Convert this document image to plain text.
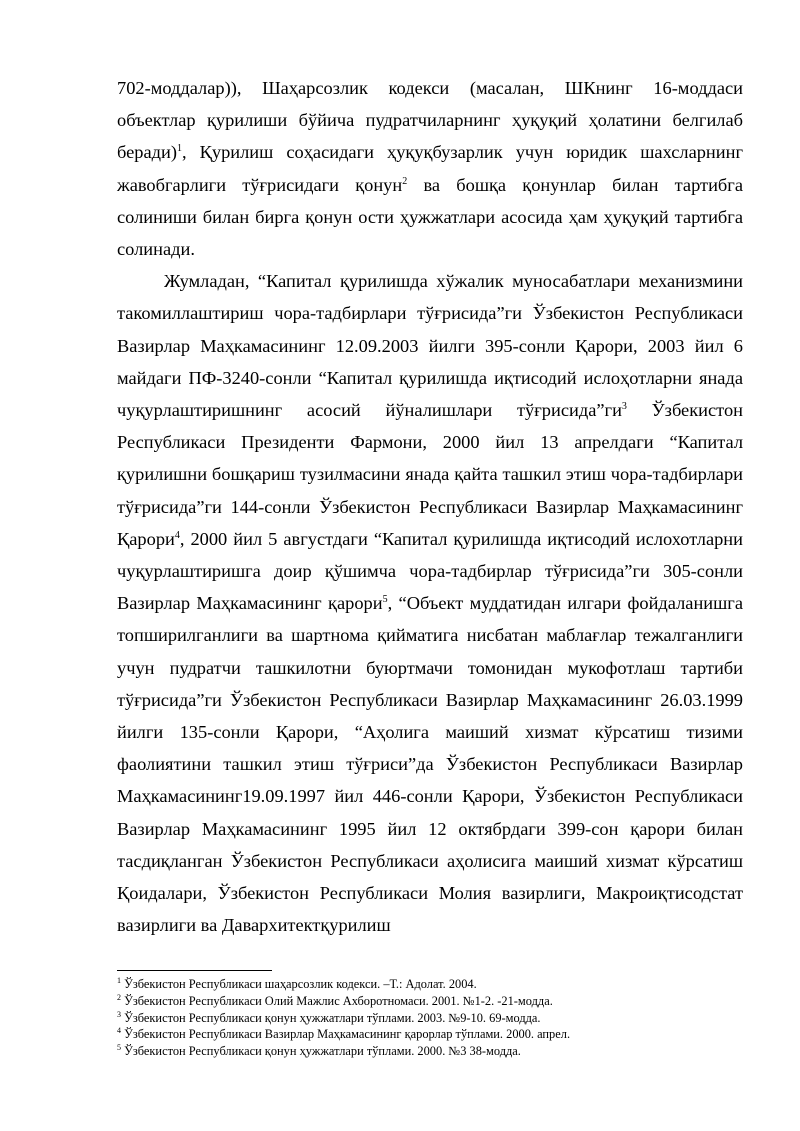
702-моддалар)), Шаҳарсозлик кодекси (масалан, ШКнинг 16-моддаси объектлар қурилиши бўйича пудратчиларнинг ҳуқуқий ҳолатини белгилаб беради)$^1$, Қурилиш соҳасидаги ҳуқуқбузарлик учун юридик шахсларнинг жавобгарлиги тўғрисидаги қонун$^2$ ва бошқа қонунлар билан тартибга солиниши билан бирга қонун ости ҳужжатлари асосида ҳам ҳуқуқий тартибга солинади.

Жумладан, “Капитал қурилишда хўжалик муносабатлари механизмини такомиллаштириш чора-тадбирлари тўғрисида”ги Ўзбекистон Республикаси Вазирлар Маҳкамасининг 12.09.2003 йилги 395-сонли Қарори, 2003 йил 6 майдаги ПФ-3240-сонли “Капитал қурилишда иқтисодий ислоҳотларни янада чуқурлаштиришнинг асосий йўналишлари $тўғрисида”ги^3$ Ўзбекистон Республикаси Президенти Фармони, 2000 йил 13 апрелдаги “Капитал қурилишни бошқариш тузилмасини янада қайта ташкил этиш чора-тадбирлари тўғрисида”ги 144-сонли Ўзбекистон Республикаси Вазирлар Маҳкамасининг Қарори$^4$, 2000 йил 5 августдаги “Капитал қурилишда иқтисодий ислохотларни чуқурлаштиришга доир қўшимча чора-тадбирлар тўғрисида”ги 305-сонли Вазирлар Маҳкамасининг қарори$^5$, “Объект муддатидан илгари фойдаланишга топширилганлиги ва шартнома қийматига нисбатан маблағлар тежалганлиги учун пудратчи ташкилотни буюртмачи томонидан мукофотлаш тартиби тўғрисида”ги Ўзбекистон Республикаси Вазирлар Маҳкамасининг 26.03.1999 йилги 135-сонли Қарори, “Аҳолига маиший хизмат кўрсатиш тизими фаолиятини ташкил этиш тўғриси”да Ўзбекистон Республикаси Вазирлар Маҳкамасининг19.09.1997 йил 446-сонли Қарори, Ўзбекистон Республикаси Вазирлар Маҳкамасининг 1995 йил 12 октябрдаги 399-сон қарори билан тасдиқланган Ўзбекистон Республикаси аҳолисига маиший хизмат кўрсатиш Қоидалари, Ўзбекистон Республикаси Молия вазирлиги, Макроиқтисодстат вазирлиги ва Даварxитектқурилиш

$^1$ Ўзбекистон Республикаси шаҳарсозлик кодекси. –Т.: Адолат. 2004.

$^2$ Ўзбекистон Республикаси Олий Мажлис Ахборотномаси. 2001. №1-2. -21-модда.

$^3$ Ўзбекистон Республикаси қонун ҳужжатлари тўплами. 2003. №9-10. 69-модда.

$^4$ Ўзбекистон Республикаси Вазирлар Маҳкамасининг қарорлар тўплами. 2000. апрел.

$^5$ Ўзбекистон Республикаси қонун ҳужжатлари тўплами. 2000. №3 38-модда.
